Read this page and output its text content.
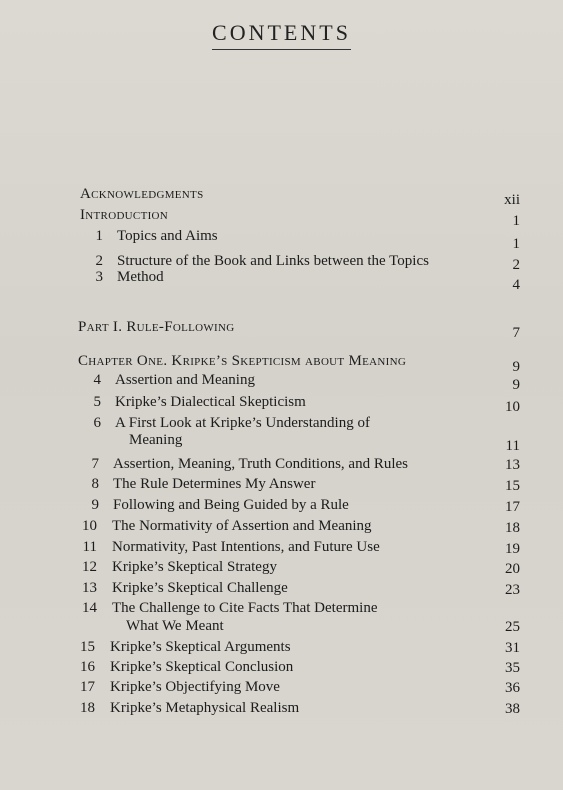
CONTENTS
Acknowledgments	xii
Introduction	1
1 Topics and Aims	1
2 Structure of the Book and Links between the Topics	2
3 Method	4
Part I. Rule-Following	7
Chapter One. Kripke’s Skepticism about Meaning	9
4 Assertion and Meaning	9
5 Kripke’s Dialectical Skepticism	10
6 A First Look at Kripke’s Understanding of
Meaning	11
7 Assertion, Meaning, Truth Conditions, and Rules	13
8 The Rule Determines My Answer	15
9 Following and Being Guided by a Rule	17
10 The Normativity of Assertion and Meaning	18
11 Normativity, Past Intentions, and Future Use	19
12 Kripke’s Skeptical Strategy	20
13 Kripke’s Skeptical Challenge	23
14 The Challenge to Cite Facts That Determine
What We Meant	25
15 Kripke’s Skeptical Arguments	31
16 Kripke’s Skeptical Conclusion	35
17 Kripke’s Objectifying Move	36
18 Kripke’s Metaphysical Realism	38
